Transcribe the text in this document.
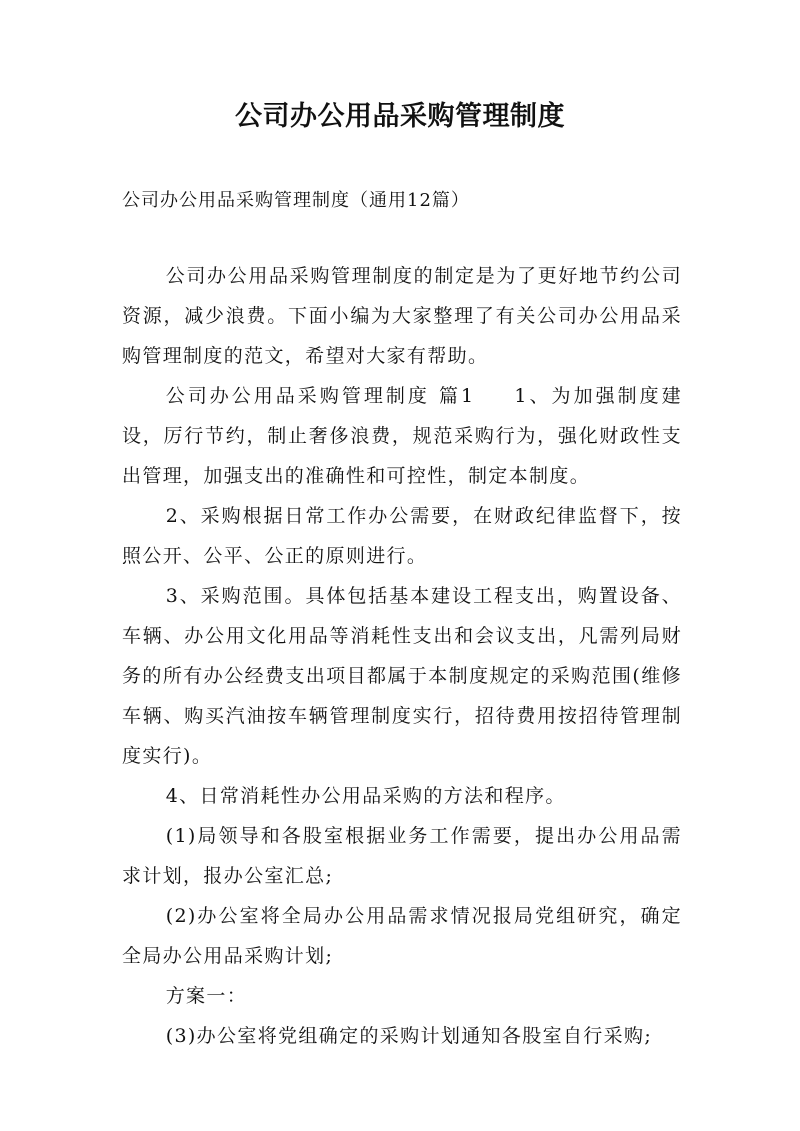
公司办公用品采购管理制度
公司办公用品采购管理制度（通用12篇）

公司办公用品采购管理制度的制定是为了更好地节约公司资源，减少浪费。下面小编为大家整理了有关公司办公用品采购管理制度的范文，希望对大家有帮助。

公司办公用品采购管理制度 篇1 1、为加强制度建设，厉行节约，制止奢侈浪费，规范采购行为，强化财政性支出管理，加强支出的准确性和可控性，制定本制度。

2、采购根据日常工作办公需要，在财政纪律监督下，按照公开、公平、公正的原则进行。

3、采购范围。具体包括基本建设工程支出，购置设备、车辆、办公用文化用品等消耗性支出和会议支出，凡需列局财务的所有办公经费支出项目都属于本制度规定的采购范围(维修车辆、购买汽油按车辆管理制度实行，招待费用按招待管理制度实行)。

4、日常消耗性办公用品采购的方法和程序。

(1)局领导和各股室根据业务工作需要，提出办公用品需求计划，报办公室汇总;

(2)办公室将全局办公用品需求情况报局党组研究，确定全局办公用品采购计划;

方案一：

(3)办公室将党组确定的采购计划通知各股室自行采购;
